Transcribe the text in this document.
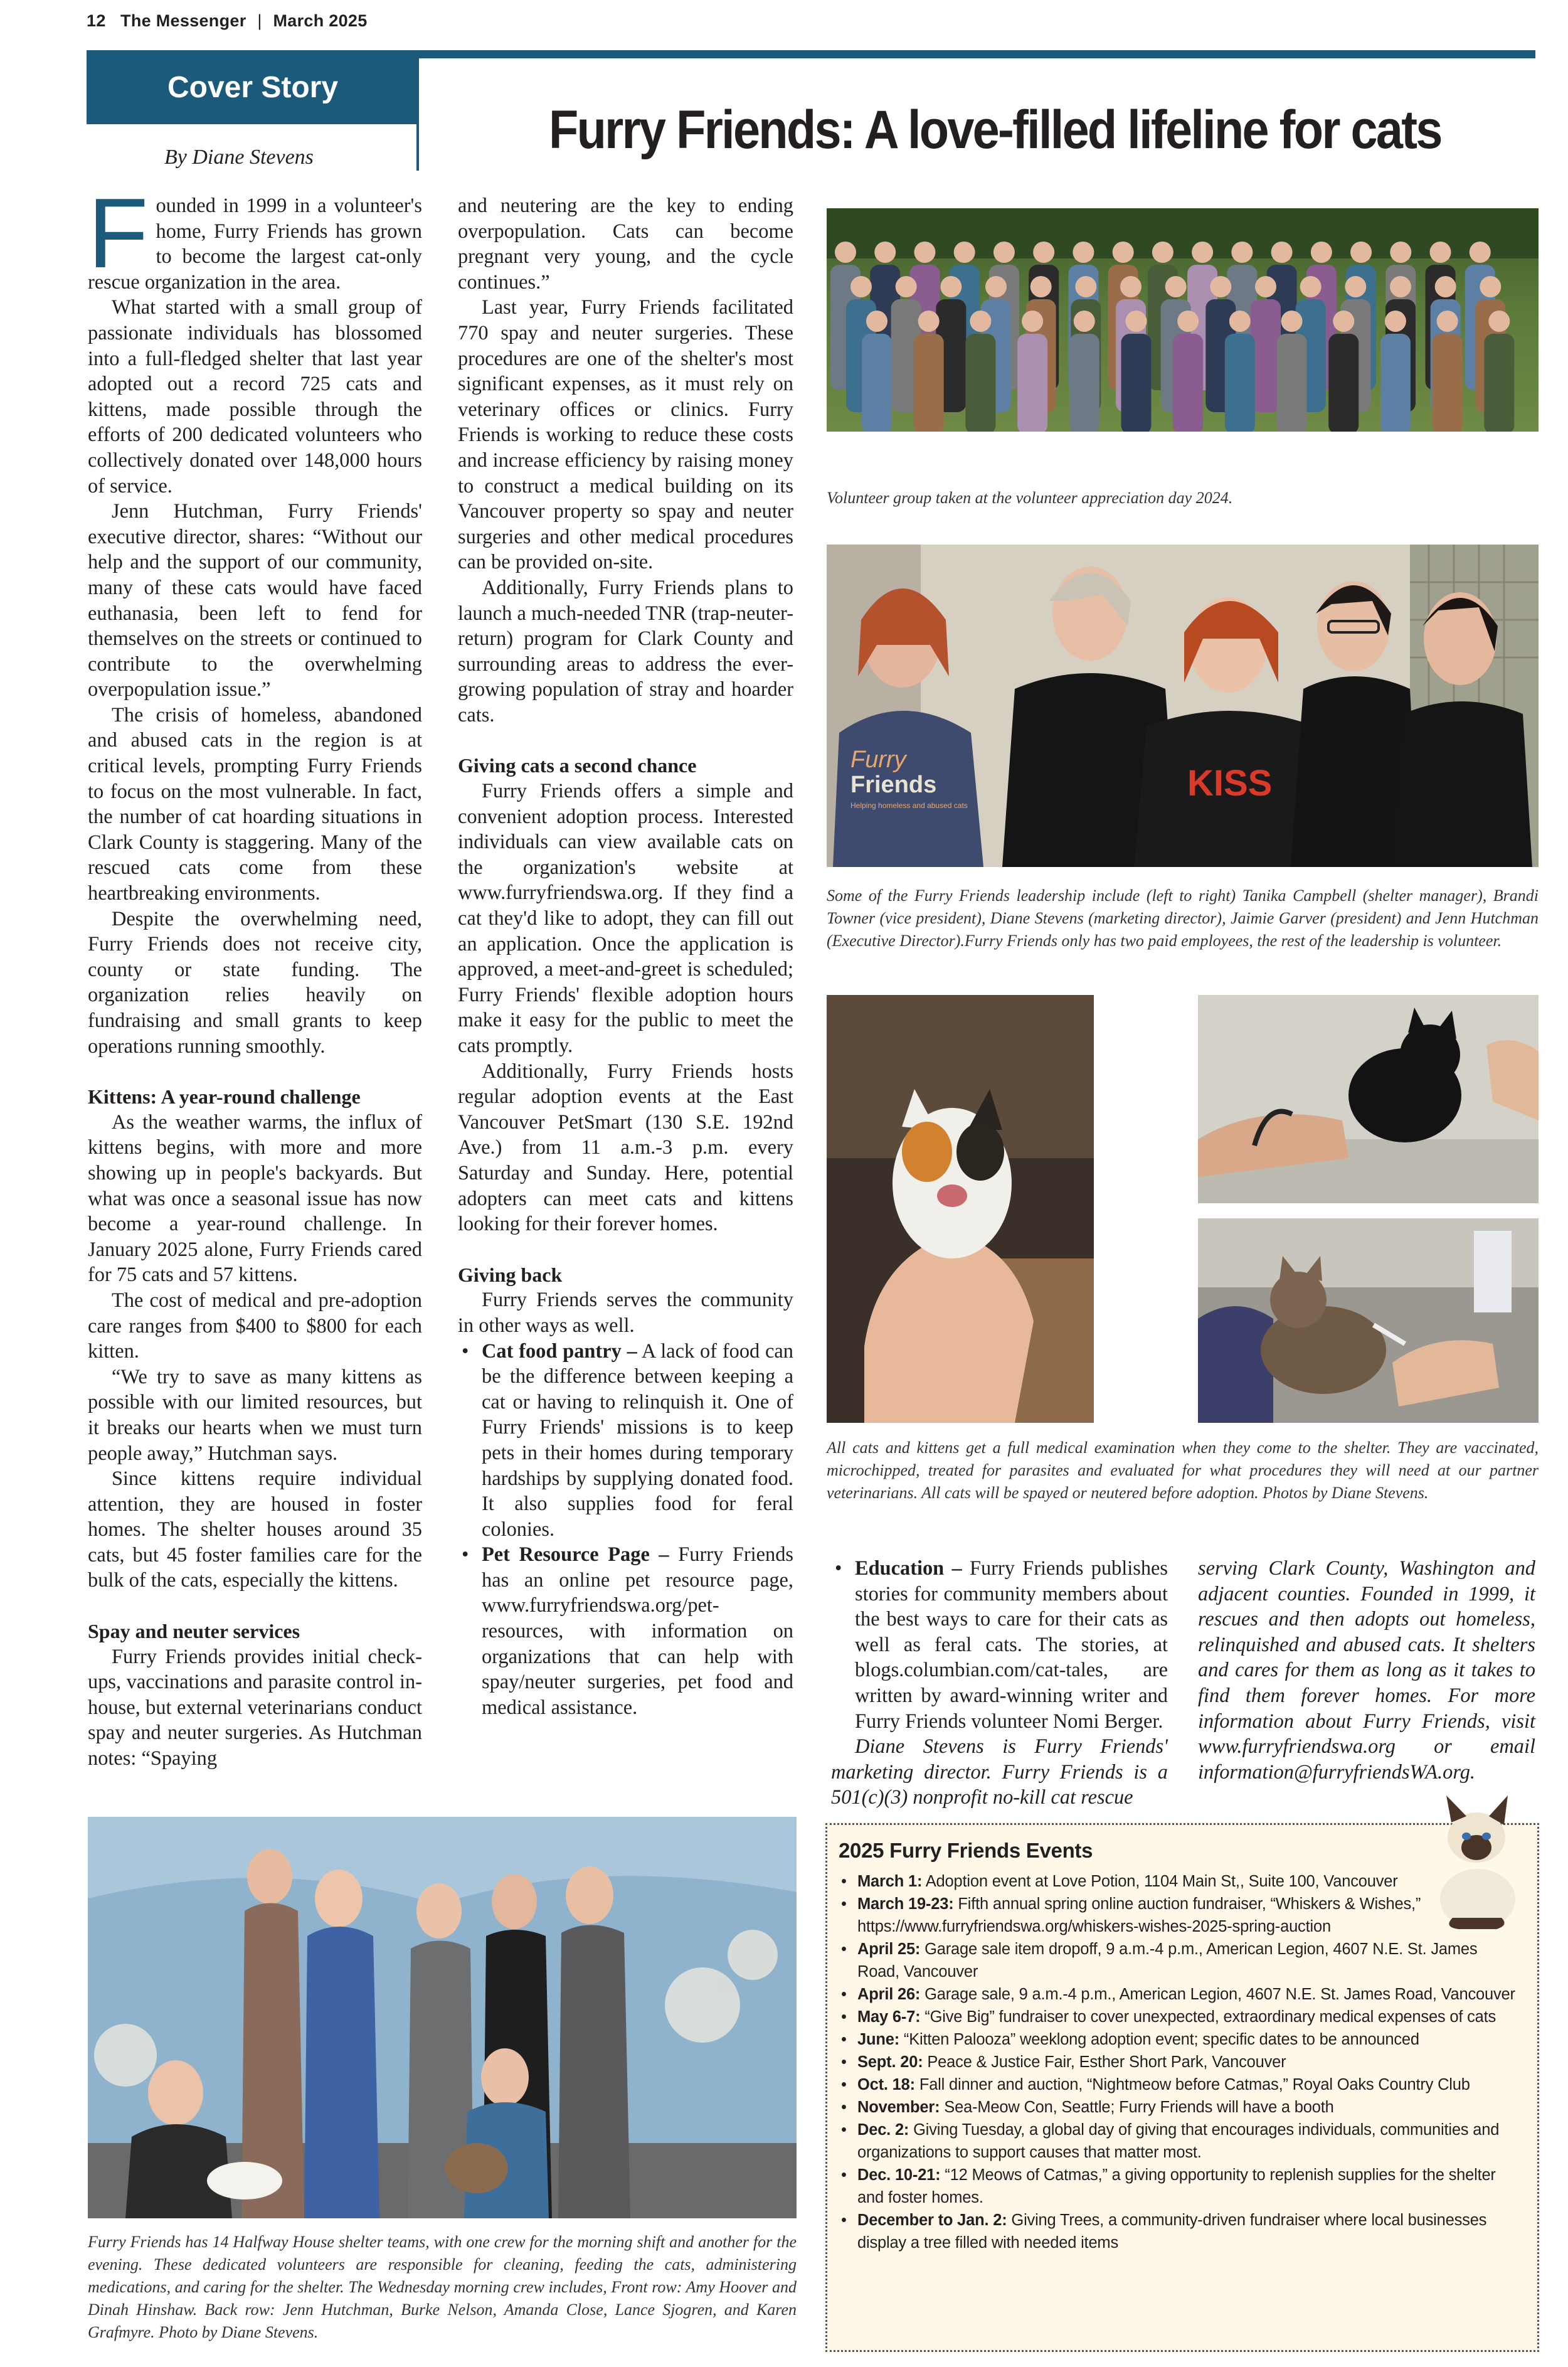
12 The Messenger | March 2025
Cover Story
By Diane Stevens	Furry Friends: A love-filled lifeline for cats

Founded in 1999 in a volunteer's home, Furry Friends has grown to become the largest cat-only rescue organization in the area.

What started with a small group of passionate individuals has blossomed into a full-fledged shelter that last year adopted out a record 725 cats and kittens, made possible through the efforts of 200 dedicated volunteers who collectively donated over 148,000 hours of service.

Jenn Hutchman, Furry Friends' executive director, shares: “Without our help and the support of our community, many of these cats would have faced euthanasia, been left to fend for themselves on the streets or continued to contribute to the overwhelming overpopulation issue.”

The crisis of homeless, abandoned and abused cats in the region is at critical levels, prompting Furry Friends to focus on the most vulnerable. In fact, the number of cat hoarding situations in Clark County is staggering. Many of the rescued cats come from these heartbreaking environments.

Despite the overwhelming need, Furry Friends does not receive city, county or state funding. The organization relies heavily on fundraising and small grants to keep operations running smoothly.

Kittens: A year-round challenge

As the weather warms, the influx of kittens begins, with more and more showing up in people's backyards. But what was once a seasonal issue has now become a year-round challenge. In January 2025 alone, Furry Friends cared for 75 cats and 57 kittens.

The cost of medical and pre-adoption care ranges from $400 to $800 for each kitten.

“We try to save as many kittens as possible with our limited resources, but it breaks our hearts when we must turn people away,” Hutchman says.

Since kittens require individual attention, they are housed in foster homes. The shelter houses around 35 cats, but 45 foster families care for the bulk of the cats, especially the kittens.

Spay and neuter services

Furry Friends provides initial check-ups, vaccinations and parasite control in-house, but external veterinarians conduct spay and neuter surgeries. As Hutchman notes: “Spaying

and neutering are the key to ending overpopulation. Cats can become pregnant very young, and the cycle continues.”

Last year, Furry Friends facilitated 770 spay and neuter surgeries. These procedures are one of the shelter's most significant expenses, as it must rely on veterinary offices or clinics. Furry Friends is working to reduce these costs and increase efficiency by raising money to construct a medical building on its Vancouver property so spay and neuter surgeries and other medical procedures can be provided on-site.

Additionally, Furry Friends plans to launch a much-needed TNR (trap-neuter-return) program for Clark County and surrounding areas to address the ever-growing population of stray and hoarder cats.

Giving cats a second chance

Furry Friends offers a simple and convenient adoption process. Interested individuals can view available cats on the organization's website at www.furryfriendswa.org. If they find a cat they'd like to adopt, they can fill out an application. Once the application is approved, a meet-and-greet is scheduled; Furry Friends' flexible adoption hours make it easy for the public to meet the cats promptly.

Additionally, Furry Friends hosts regular adoption events at the East Vancouver PetSmart (130 S.E. 192nd Ave.) from 11 a.m.-3 p.m. every Saturday and Sunday. Here, potential adopters can meet cats and kittens looking for their forever homes.

Giving back

Furry Friends serves the community in other ways as well.

• Cat food pantry – A lack of food can be the difference between keeping a cat or having to relinquish it. One of Furry Friends' missions is to keep pets in their homes during temporary hardships by supplying donated food. It also supplies food for feral colonies.
• Pet Resource Page – Furry Friends has an online pet resource page, www.furryfriendswa.org/pet-resources, with information on organizations that can help with spay/neuter surgeries, pet food and medical assistance.
• Education – Furry Friends publishes stories for community members about the best ways to care for their cats as well as feral cats. The stories, at blogs.columbian.com/cat-tales, are written by award-winning writer and Furry Friends volunteer Nomi Berger.

Diane Stevens is Furry Friends' marketing director. Furry Friends is a 501(c)(3) nonprofit no-kill cat rescue

serving Clark County, Washington and adjacent counties. Founded in 1999, it rescues and then adopts out homeless, relinquished and abused cats. It shelters and cares for them as long as it takes to find them forever homes. For more information about Furry Friends, visit www.furryfriendswa.org or email information@furryfriendsWA.org.

Volunteer group taken at the volunteer appreciation day 2024.
Furry
Friends
Helping homeless and abused cats
KISS
Some of the Furry Friends leadership include (left to right) Tanika Campbell (shelter manager), Brandi Towner (vice president), Diane Stevens (marketing director), Jaimie Garver (president) and Jenn Hutchman (Executive Director).Furry Friends only has two paid employees, the rest of the leadership is volunteer.
All cats and kittens get a full medical examination when they come to the shelter. They are vaccinated, microchipped, treated for parasites and evaluated for what procedures they will need at our partner veterinarians. All cats will be spayed or neutered before adoption. Photos by Diane Stevens.
Furry Friends has 14 Halfway House shelter teams, with one crew for the morning shift and another for the evening. These dedicated volunteers are responsible for cleaning, feeding the cats, administering medications, and caring for the shelter. The Wednesday morning crew includes, Front row: Amy Hoover and Dinah Hinshaw. Back row: Jenn Hutchman, Burke Nelson, Amanda Close, Lance Sjogren, and Karen Grafmyre. Photo by Diane Stevens.
2025 Furry Friends Events
• March 1: Adoption event at Love Potion, 1104 Main St,, Suite 100, Vancouver
• March 19-23: Fifth annual spring online auction fundraiser, “Whiskers & Wishes,” https://www.furryfriendswa.org/whiskers-wishes-2025-spring-auction
• April 25: Garage sale item dropoff, 9 a.m.-4 p.m., American Legion, 4607 N.E. St. James Road, Vancouver
• April 26: Garage sale, 9 a.m.-4 p.m., American Legion, 4607 N.E. St. James Road, Vancouver
• May 6-7: “Give Big” fundraiser to cover unexpected, extraordinary medical expenses of cats
• June: “Kitten Palooza” weeklong adoption event; specific dates to be announced
• Sept. 20: Peace & Justice Fair, Esther Short Park, Vancouver
• Oct. 18: Fall dinner and auction, “Nightmeow before Catmas,” Royal Oaks Country Club
• November: Sea-Meow Con, Seattle; Furry Friends will have a booth
• Dec. 2: Giving Tuesday, a global day of giving that encourages individuals, communities and organizations to support causes that matter most.
• Dec. 10-21: “12 Meows of Catmas,” a giving opportunity to replenish supplies for the shelter and foster homes.
• December to Jan. 2: Giving Trees, a community-driven fundraiser where local businesses display a tree filled with needed items
